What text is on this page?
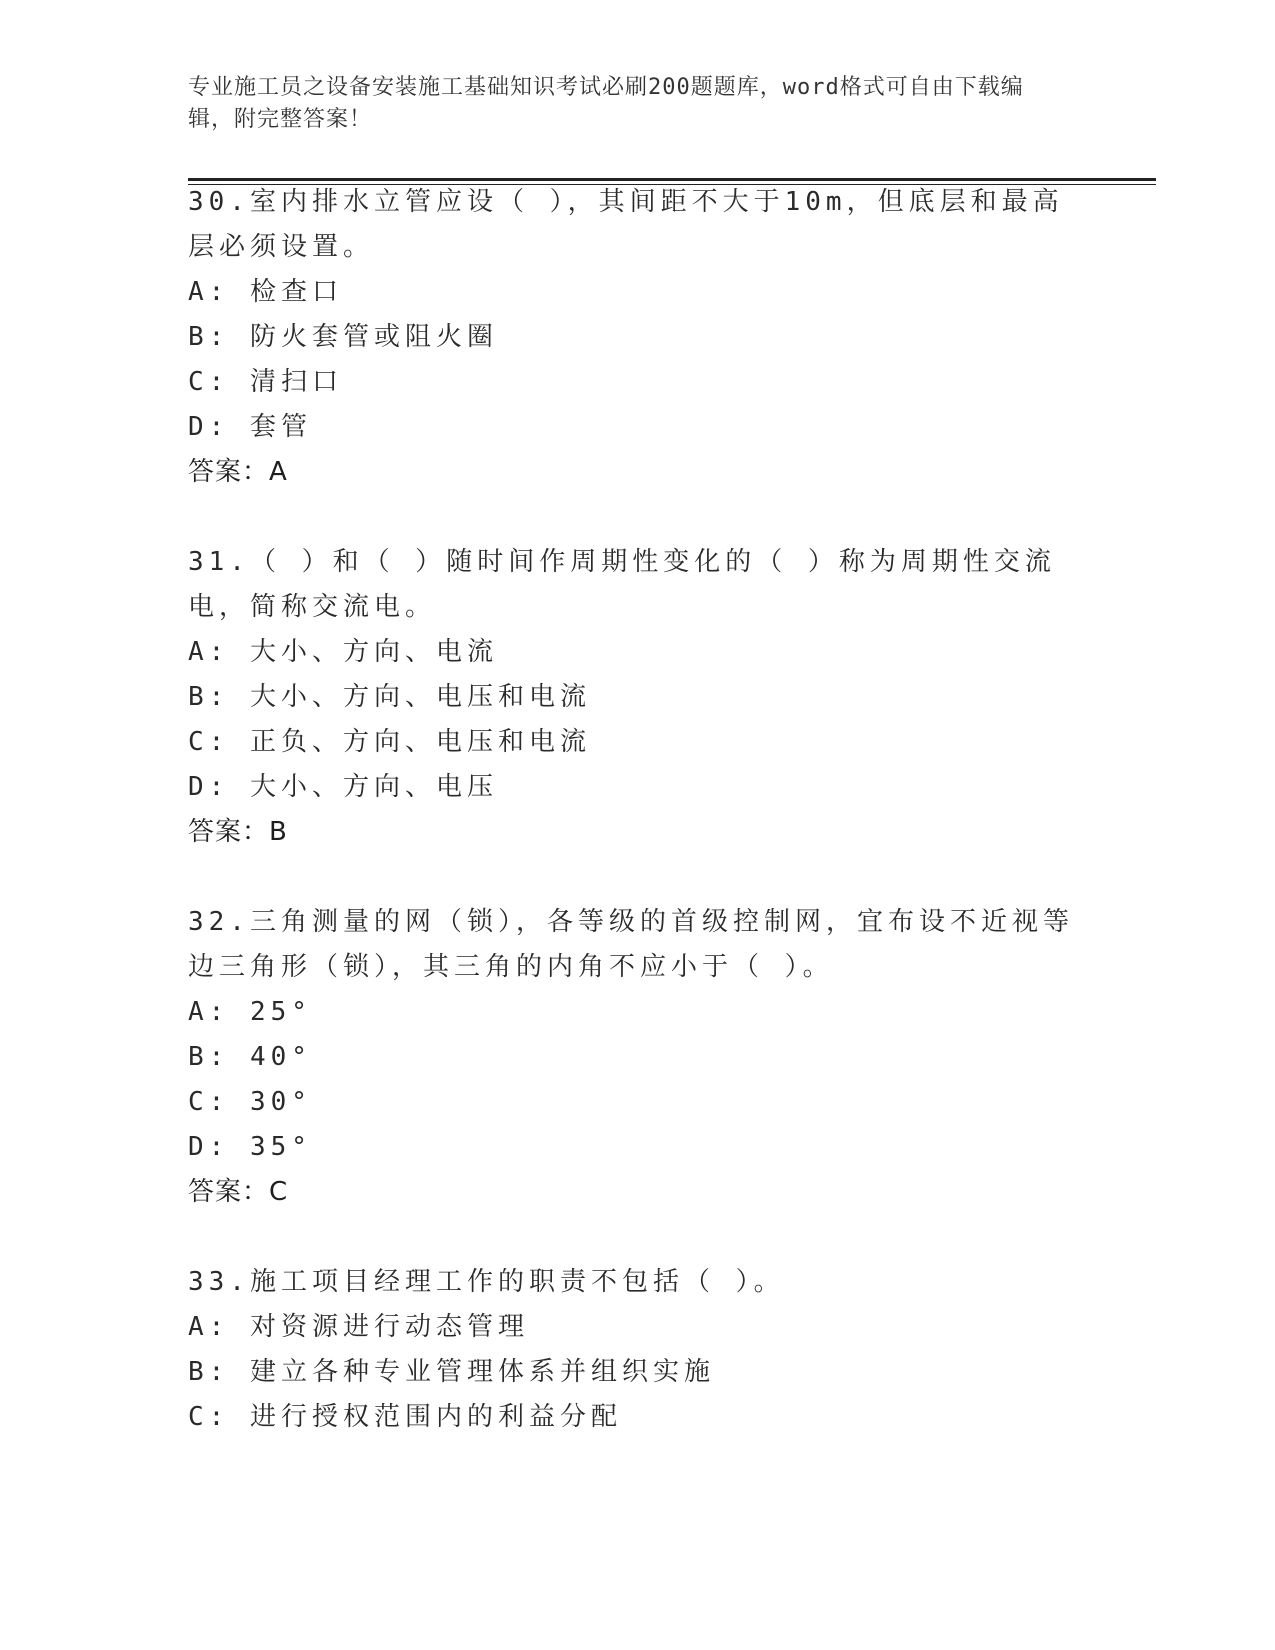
专业施工员之设备安装施工基础知识考试必刷200题题库，word格式可自由下载编辑，附完整答案！

30.室内排水立管应设（ ），其间距不大于10m，但底层和最高层必须设置。

A: 检查口

B: 防火套管或阻火圈

C: 清扫口

D: 套管

答案：A

31.（ ）和（ ）随时间作周期性变化的（ ）称为周期性交流电，简称交流电。

A: 大小、方向、电流

B: 大小、方向、电压和电流

C: 正负、方向、电压和电流

D: 大小、方向、电压

答案：B

32.三角测量的网（锁），各等级的首级控制网，宜布设不近视等边三角形（锁），其三角的内角不应小于（ ）。

A: 25°

B: 40°

C: 30°

D: 35°

答案：C

33.施工项目经理工作的职责不包括（ ）。

A: 对资源进行动态管理

B: 建立各种专业管理体系并组织实施

C: 进行授权范围内的利益分配
